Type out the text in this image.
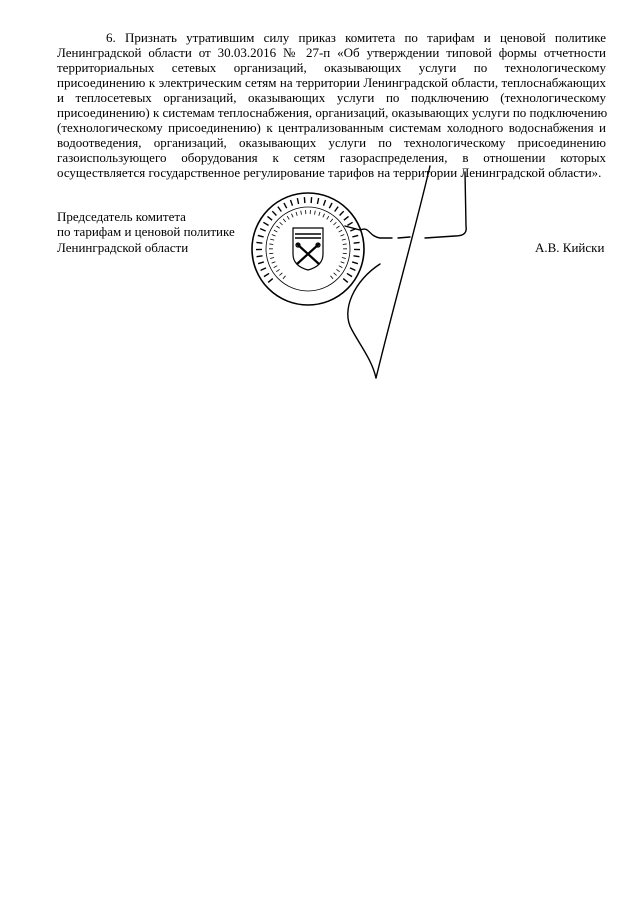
6. Признать утратившим силу приказ комитета по тарифам и ценовой политике
Ленинградской области от 30.03.2016 № 27-п «Об утверждении типовой формы отчетности
территориальных сетевых организаций, оказывающих услуги по технологическому
присоединению к электрическим сетям на территории Ленинградской области, теплоснабжающих
и теплосетевых организаций, оказывающих услуги по подключению (технологическому
присоединению) к системам теплоснабжения, организаций, оказывающих услуги по подключению
(технологическому присоединению) к централизованным системам холодного водоснабжения и
водоотведения, организаций, оказывающих услуги по технологическому присоединению
газоиспользующего оборудования к сетям газораспределения, в отношении которых
осуществляется государственное регулирование тарифов на территории Ленинградской области».
Председатель комитета
по тарифам и ценовой политике
Ленинградской области	А.В. Кийски
